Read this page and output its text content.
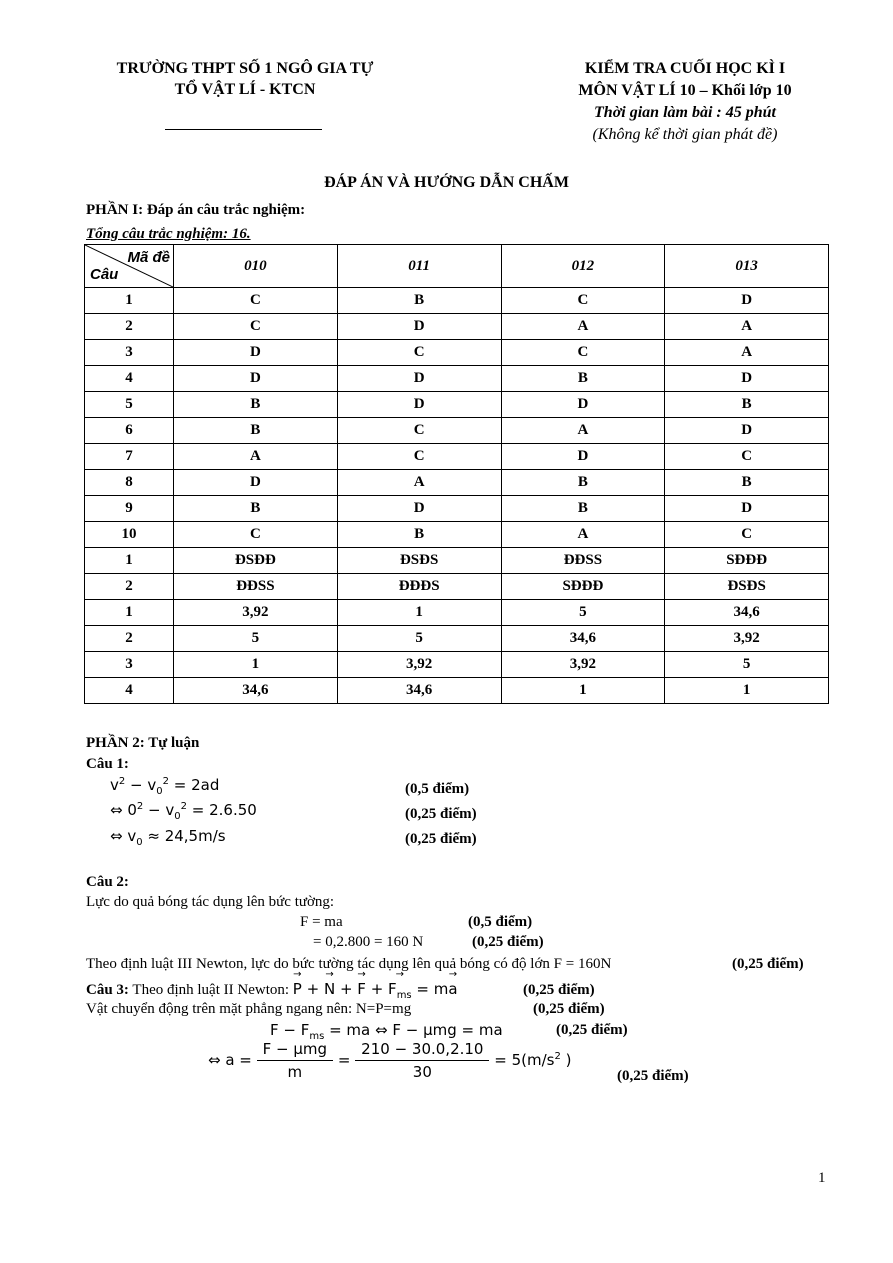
TRƯỜNG THPT SỐ 1 NGÔ GIA TỰ
TỔ VẬT LÍ - KTCN
KIỂM TRA CUỐI HỌC KÌ I
MÔN VẬT LÍ 10 – Khối lớp 10
Thời gian làm bài : 45 phút
(Không kể thời gian phát đề)
ĐÁP ÁN VÀ HƯỚNG DẪN CHẤM
PHẦN I: Đáp án câu trắc nghiệm:
Tổng câu trắc nghiệm: 16.
Mã đề
Câu	010	011	012	013
1	C	B	C	D
2	C	D	A	A
3	D	C	C	A
4	D	D	B	D
5	B	D	D	B
6	B	C	A	D
7	A	C	D	C
8	D	A	B	B
9	B	D	B	D
10	C	B	A	C
1	ĐSĐĐ	ĐSĐS	ĐĐSS	SĐĐĐ
2	ĐĐSS	ĐĐĐS	SĐĐĐ	ĐSĐS
1	3,92	1	5	34,6
2	5	5	34,6	3,92
3	1	3,92	3,92	5
4	34,6	34,6	1	1
PHẦN 2: Tự luận
Câu 1:
$v^2 - v_0^2 = 2ad$	(0,5 điểm)
⇔ $0^2 - v_0^2 = 2.6.50$	(0,25 điểm)
⇔ $v_0 \approx 24,5m/s$	(0,25 điểm)
Câu 2:
Lực do quả bóng tác dụng lên bức tường:
F = ma	(0,5 điểm)
= 0,2.800 = 160 N	(0,25 điểm)
Theo định luật III Newton, lực do bức tường tác dụng lên quả bóng có độ lớn F = 160N	(0,25 điểm)
Câu 3: Theo định luật II Newton: → P + → N + → F + → $F_{ms} = m\to a$	(0,25 điểm)
Vật chuyển động trên mặt phẳng ngang nên: N=P=mg	(0,25 điểm)
$F - F_{ms}$ = ma ⇔ F − μmg = ma	(0,25 điểm)
⇔ $a = \frac{\text{F − μmg}}{m} = \frac{210 - 30.0,2.10}{30} = 5(m/s^2$ )
(0,25 điểm)
1
